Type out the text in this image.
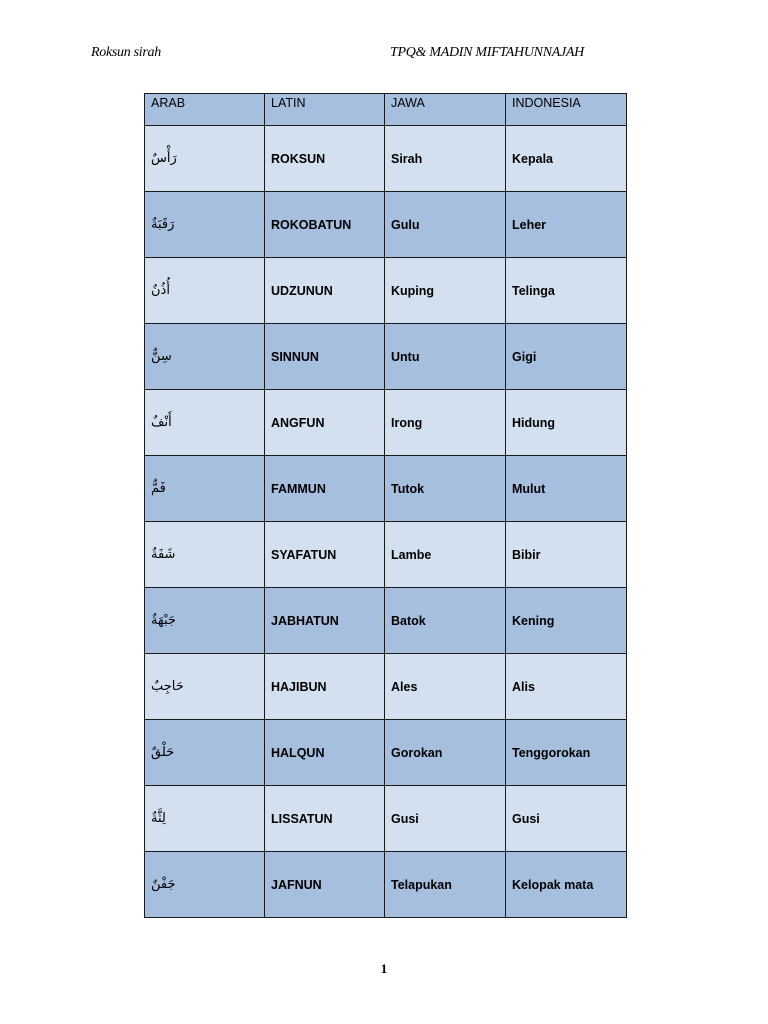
Roksun sirah	TPQ& MADIN MIFTAHUNNAJAH
ARAB	LATIN	JAWA	INDONESIA
رَأْسٌ	ROKSUN	Sirah	Kepala
رَقَبَةٌ	ROKOBATUN	Gulu	Leher
أُذُنٌ	UDZUNUN	Kuping	Telinga
سِنٌّ	SINNUN	Untu	Gigi
أَنْفٌ	ANGFUN	Irong	Hidung
فَمٌّ	FAMMUN	Tutok	Mulut
شَفَةٌ	SYAFATUN	Lambe	Bibir
جَبْهَةٌ	JABHATUN	Batok	Kening
حَاجِبٌ	HAJIBUN	Ales	Alis
حَلْقٌ	HALQUN	Gorokan	Tenggorokan
لِثَّةٌ	LISSATUN	Gusi	Gusi
جَفْنٌ	JAFNUN	Telapukan	Kelopak mata
1
